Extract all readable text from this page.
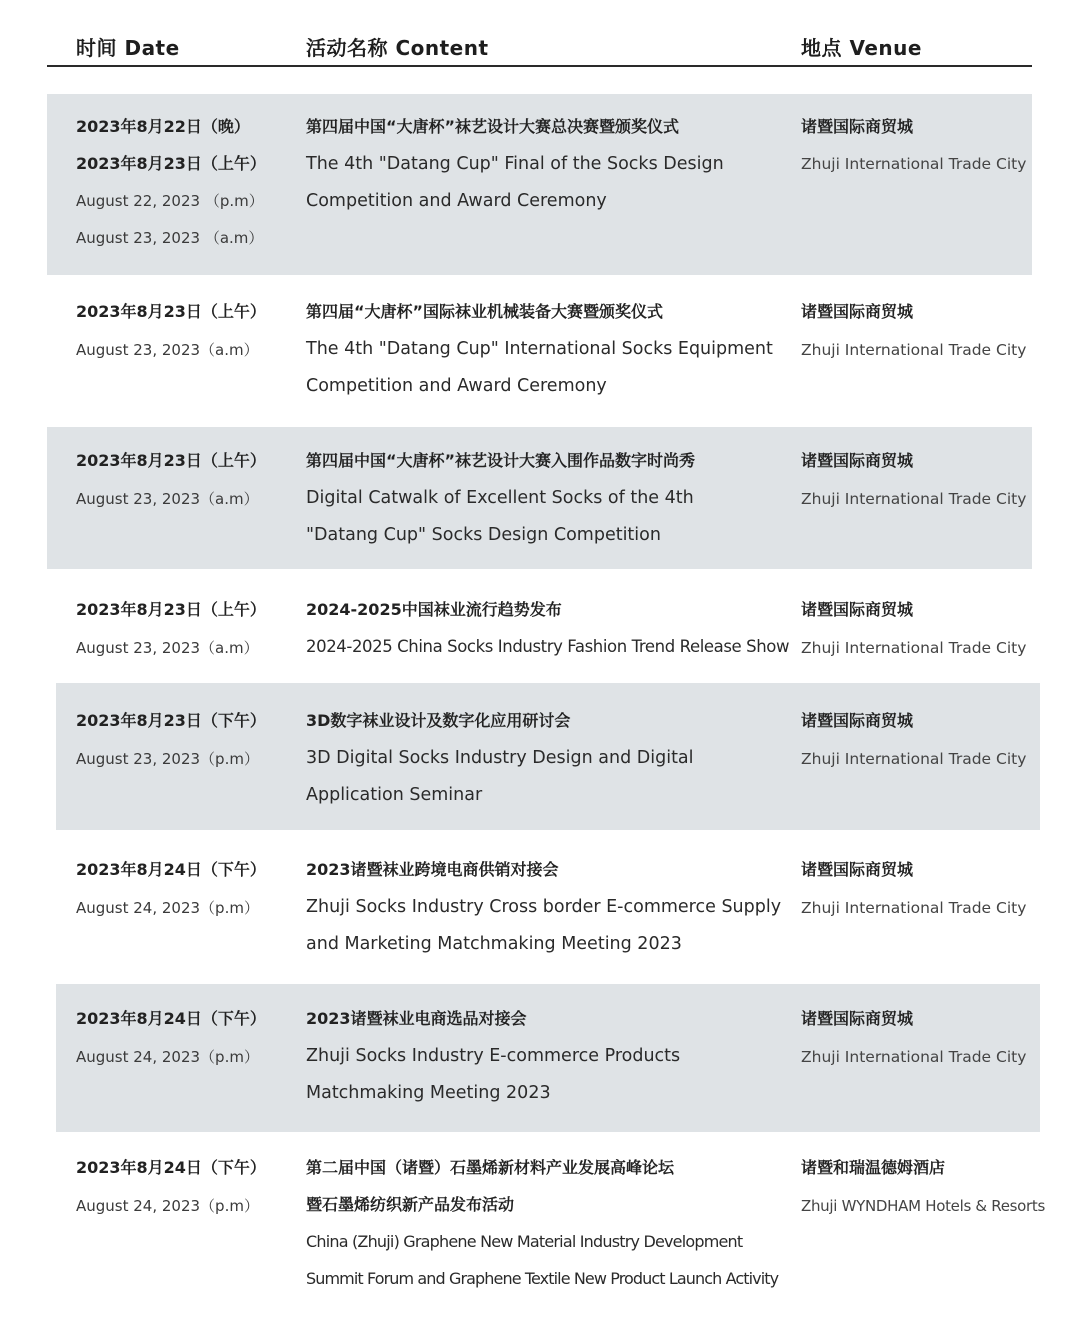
时间 Date	活动名称 Content	地点 Venue
2023年8月22日（晚）
2023年8月23日（上午）
August 22, 2023 （p.m）
August 23, 2023 （a.m）
第四届中国“大唐杯”袜艺设计大赛总决赛暨颁奖仪式
The 4th "Datang Cup" Final of the Socks Design
Competition and Award Ceremony
诸暨国际商贸城
Zhuji International Trade City
2023年8月23日（上午）
August 23, 2023（a.m）
第四届“大唐杯”国际袜业机械装备大赛暨颁奖仪式
The 4th "Datang Cup" International Socks Equipment
Competition and Award Ceremony
诸暨国际商贸城
Zhuji International Trade City
2023年8月23日（上午）
August 23, 2023（a.m）
第四届中国“大唐杯”袜艺设计大赛入围作品数字时尚秀
Digital Catwalk of Excellent Socks of the 4th
"Datang Cup" Socks Design Competition
诸暨国际商贸城
Zhuji International Trade City
2023年8月23日（上午）
August 23, 2023（a.m）
2024-2025中国袜业流行趋势发布
2024-2025 China Socks Industry Fashion Trend Release Show
诸暨国际商贸城
Zhuji International Trade City
2023年8月23日（下午）
August 23, 2023（p.m）
3D数字袜业设计及数字化应用研讨会
3D Digital Socks Industry Design and Digital
Application Seminar
诸暨国际商贸城
Zhuji International Trade City
2023年8月24日（下午）
August 24, 2023（p.m）
2023诸暨袜业跨境电商供销对接会
Zhuji Socks Industry Cross border E-commerce Supply
and Marketing Matchmaking Meeting 2023
诸暨国际商贸城
Zhuji International Trade City
2023年8月24日（下午）
August 24, 2023（p.m）
2023诸暨袜业电商选品对接会
Zhuji Socks Industry E-commerce Products
Matchmaking Meeting 2023
诸暨国际商贸城
Zhuji International Trade City
2023年8月24日（下午）
August 24, 2023（p.m）
第二届中国（诸暨）石墨烯新材料产业发展高峰论坛
暨石墨烯纺织新产品发布活动
China (Zhuji) Graphene New Material Industry Development
Summit Forum and Graphene Textile New Product Launch Activity
诸暨和瑞温德姆酒店
Zhuji WYNDHAM Hotels & Resorts
